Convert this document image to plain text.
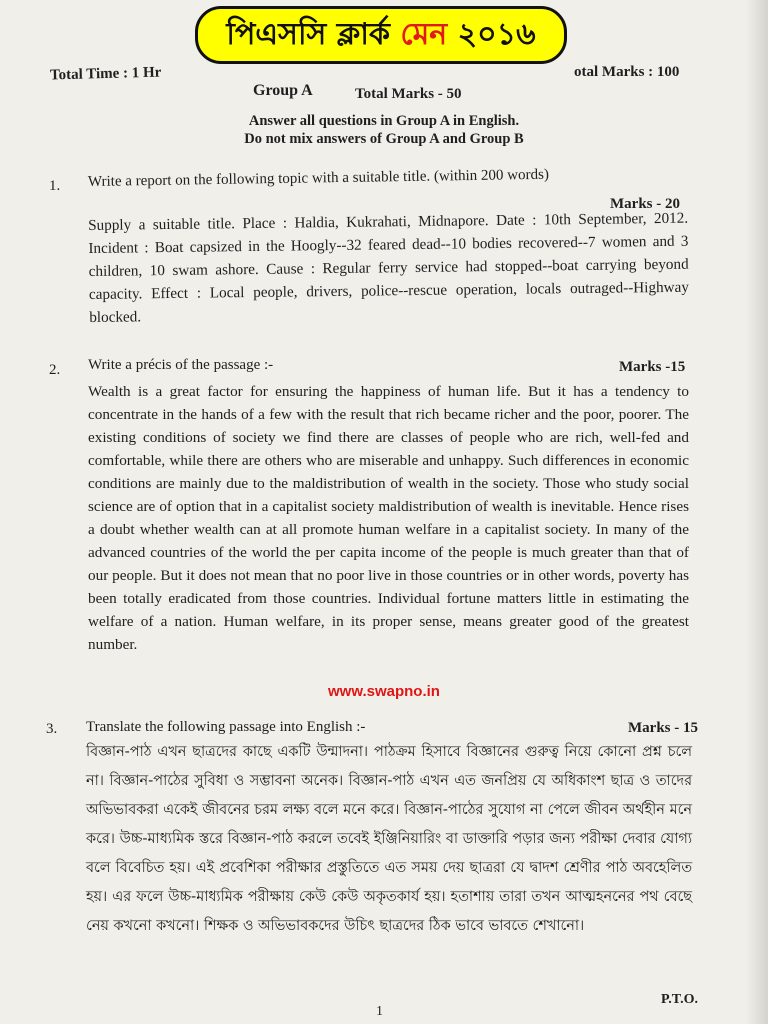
পিএসসি ক্লার্ক মেন ২০১৬
Total Time : 1 Hr	otal Marks : 100
Group A	Total Marks - 50
Answer all questions in Group A in English.
Do not mix answers of Group A and Group B
1. Write a report on the following topic with a suitable title. (within 200 words)
Marks - 20
Supply a suitable title. Place : Haldia, Kukrahati, Midnapore. Date : 10th September, 2012. Incident : Boat capsized in the Hoogly--32 feared dead--10 bodies recovered--7 women and 3 children, 10 swam ashore. Cause : Regular ferry service had stopped--boat carrying beyond capacity. Effect : Local people, drivers, police--rescue operation, locals outraged--Highway blocked.
2. Write a précis of the passage :-	Marks -15
Wealth is a great factor for ensuring the happiness of human life. But it has a tendency to concentrate in the hands of a few with the result that rich became richer and the poor, poorer. The existing conditions of society we find there are classes of people who are rich, well-fed and comfortable, while there are others who are miserable and unhappy. Such differences in economic conditions are mainly due to the maldistribution of wealth in the society. Those who study social science are of option that in a capitalist society maldistribution of wealth is inevitable. Hence rises a doubt whether wealth can at all promote human welfare in a capitalist society. In many of the advanced countries of the world the per capita income of the people is much greater than that of our people. But it does not mean that no poor live in those countries or in other words, poverty has been totally eradicated from those countries. Individual fortune matters little in estimating the welfare of a nation. Human welfare, in its proper sense, means greater good of the greatest number.
www.swapno.in
3. Translate the following passage into English :-	Marks - 15
বিজ্ঞান-পাঠ এখন ছাত্রদের কাছে একটি উন্মাদনা। পাঠক্রম হিসাবে বিজ্ঞানের গুরুত্ব নিয়ে কোনো প্রশ্ন চলে না। বিজ্ঞান-পাঠের সুবিধা ও সম্ভাবনা অনেক। বিজ্ঞান-পাঠ এখন এত জনপ্রিয় যে অধিকাংশ ছাত্র ও তাদের অভিভাবকরা একেই জীবনের চরম লক্ষ্য বলে মনে করে। বিজ্ঞান-পাঠের সুযোগ না পেলে জীবন অর্থহীন মনে করে। উচ্চ-মাধ্যমিক স্তরে বিজ্ঞান-পাঠ করলে তবেই ইঞ্জিনিয়ারিং বা ডাক্তারি পড়ার জন্য পরীক্ষা দেবার যোগ্য বলে বিবেচিত হয়। এই প্রবেশিকা পরীক্ষার প্রস্তুতিতে এত সময় দেয় ছাত্ররা যে দ্বাদশ শ্রেণীর পাঠ অবহেলিত হয়। এর ফলে উচ্চ-মাধ্যমিক পরীক্ষায় কেউ কেউ অকৃতকার্য হয়। হতাশায় তারা তখন আত্মহননের পথ বেছে নেয় কখনো কখনো। শিক্ষক ও অভিভাবকদের উচিৎ ছাত্রদের ঠিক ভাবে ভাবতে শেখানো।
1
P.T.O.
